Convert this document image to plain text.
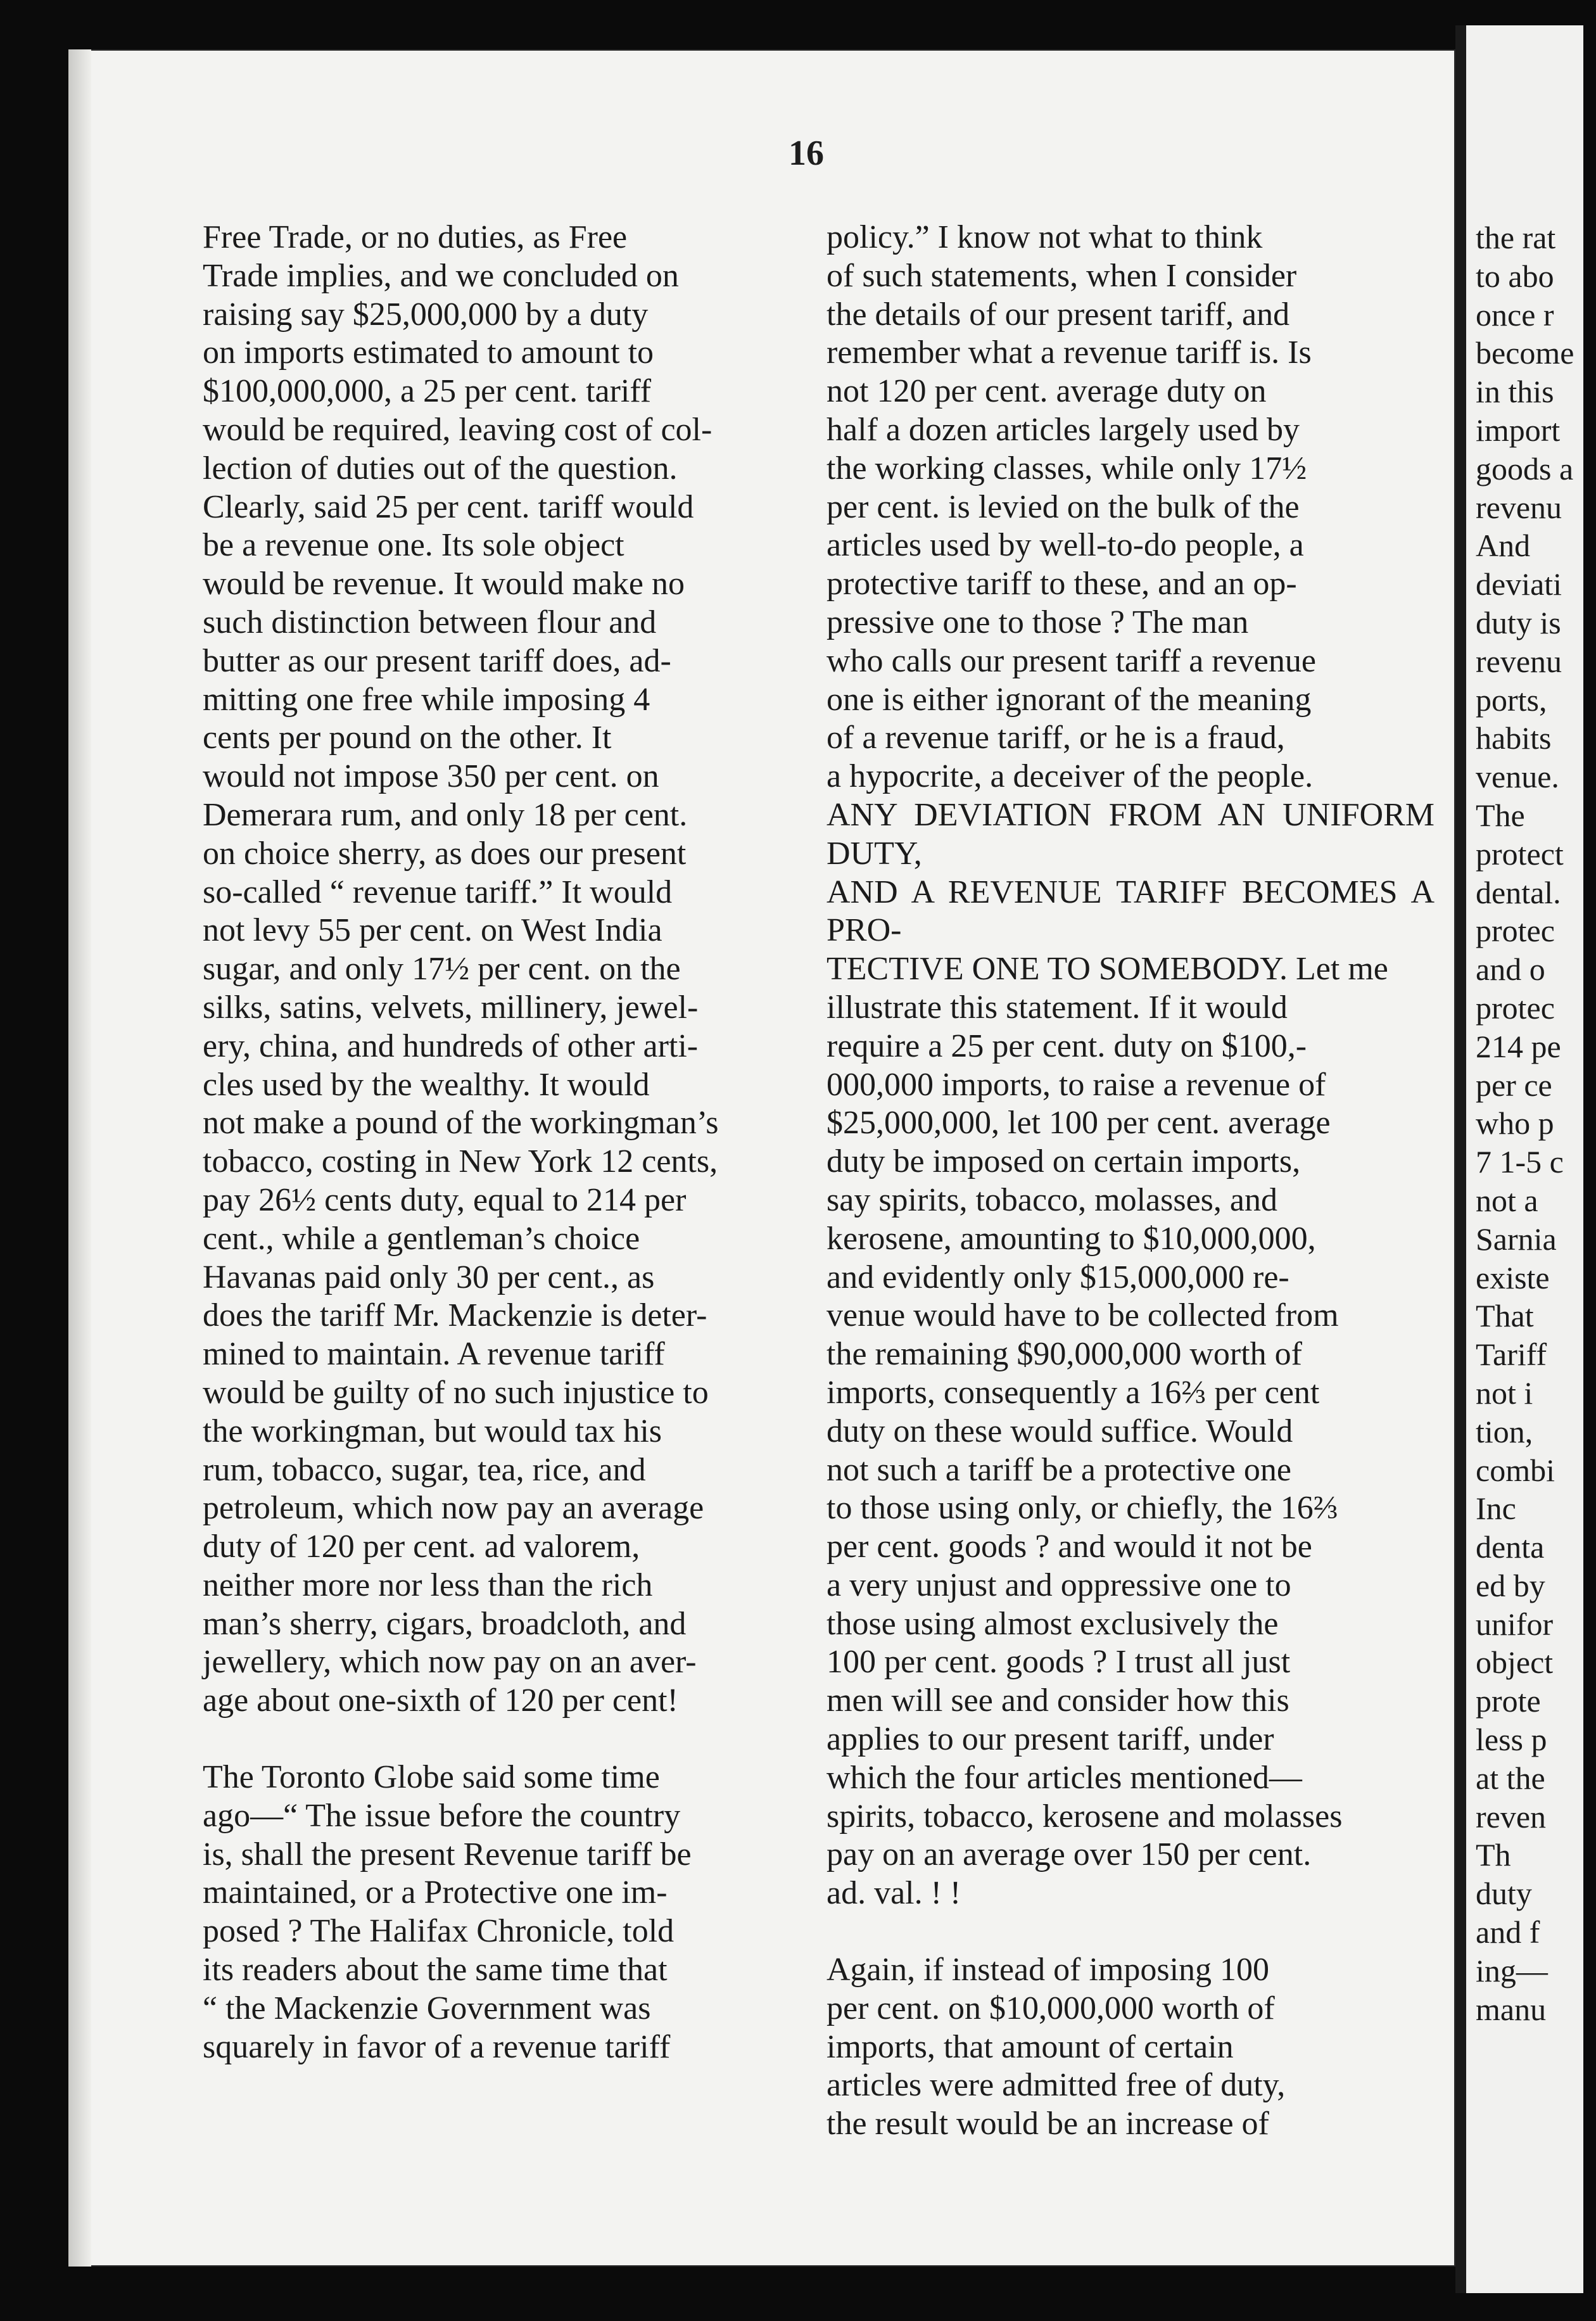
16

Free Trade, or no duties, as Free
Trade implies, and we concluded on
raising say $25,000,000 by a duty
on imports estimated to amount to
$100,000,000, a 25 per cent. tariff
would be required, leaving cost of col-
lection of duties out of the question.
Clearly, said 25 per cent. tariff would
be a revenue one. Its sole object
would be revenue. It would make no
such distinction between flour and
butter as our present tariff does, ad-
mitting one free while imposing 4
cents per pound on the other. It
would not impose 350 per cent. on
Demerara rum, and only 18 per cent.
on choice sherry, as does our present
so-called “ revenue tariff.” It would
not levy 55 per cent. on West India
sugar, and only 17½ per cent. on the
silks, satins, velvets, millinery, jewel-
ery, china, and hundreds of other arti-
cles used by the wealthy. It would
not make a pound of the workingman’s
tobacco, costing in New York 12 cents,
pay 26½ cents duty, equal to 214 per
cent., while a gentleman’s choice
Havanas paid only 30 per cent., as
does the tariff Mr. Mackenzie is deter-
mined to maintain. A revenue tariff
would be guilty of no such injustice to
the workingman, but would tax his
rum, tobacco, sugar, tea, rice, and
petroleum, which now pay an average
duty of 120 per cent. ad valorem,
neither more nor less than the rich
man’s sherry, cigars, broadcloth, and
jewellery, which now pay on an aver-
age about one-sixth of 120 per cent!

The Toronto Globe said some time
ago—“ The issue before the country
is, shall the present Revenue tariff be
maintained, or a Protective one im-
posed ? The Halifax Chronicle, told
its readers about the same time that
“ the Mackenzie Government was
squarely in favor of a revenue tariff

policy.” I know not what to think
of such statements, when I consider
the details of our present tariff, and
remember what a revenue tariff is. Is
not 120 per cent. average duty on
half a dozen articles largely used by
the working classes, while only 17½
per cent. is levied on the bulk of the
articles used by well-to-do people, a
protective tariff to these, and an op-
pressive one to those ? The man
who calls our present tariff a revenue
one is either ignorant of the meaning
of a revenue tariff, or he is a fraud,
a hypocrite, a deceiver of the people.
ANY DEVIATION FROM AN UNIFORM DUTY,
AND A REVENUE TARIFF BECOMES A PRO-
TECTIVE ONE TO SOMEBODY. Let me
illustrate this statement. If it would
require a 25 per cent. duty on $100,-
000,000 imports, to raise a revenue of
$25,000,000, let 100 per cent. average
duty be imposed on certain imports,
say spirits, tobacco, molasses, and
kerosene, amounting to $10,000,000,
and evidently only $15,000,000 re-
venue would have to be collected from
the remaining $90,000,000 worth of
imports, consequently a 16⅔ per cent
duty on these would suffice. Would
not such a tariff be a protective one
to those using only, or chiefly, the 16⅔
per cent. goods ? and would it not be
a very unjust and oppressive one to
those using almost exclusively the
100 per cent. goods ? I trust all just
men will see and consider how this
applies to our present tariff, under
which the four articles mentioned—
spirits, tobacco, kerosene and molasses
pay on an average over 150 per cent.
ad. val. ! !

Again, if instead of imposing 100
per cent. on $10,000,000 worth of
imports, that amount of certain
articles were admitted free of duty,
the result would be an increase of

the rat
to abo
once r
become
in this
import
goods a
revenu
And
deviati
duty is
revenu
ports,
habits
venue.
The
protect
dental.
protec
and o
protec
214 pe
per ce
who p
7 1-5 c
not a
Sarnia
existe
That
Tariff
not i
tion,
combi
Inc
denta
ed by
unifor
object
prote
less p
at the
reven
Th
duty
and f
ing—
manu
